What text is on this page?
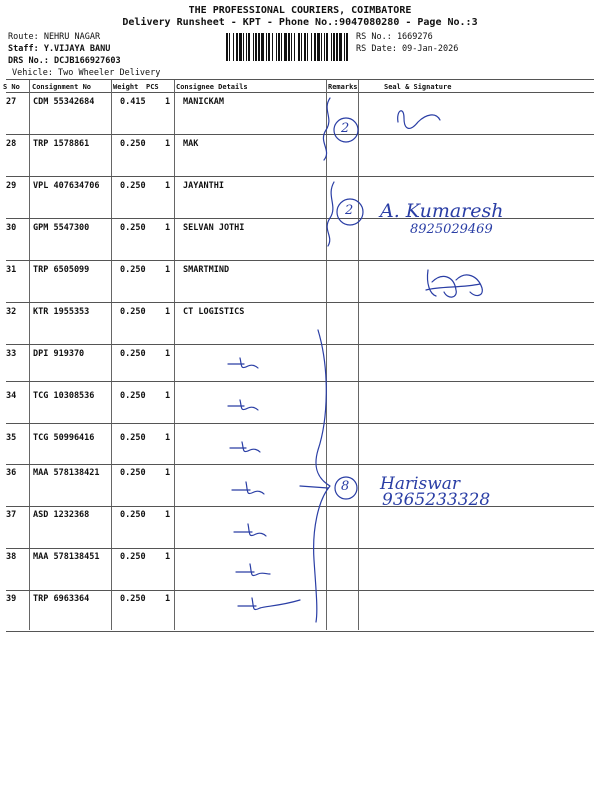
THE PROFESSIONAL COURIERS, COIMBATORE
Delivery Runsheet - KPT - Phone No.:9047080280 - Page No.:3
Route: NEHRU NAGAR
Staff: Y.VIJAYA BANU
DRS No.: DCJB166927603
Vehicle: Two Wheeler Delivery
RS No.: 1669276
RS Date: 09-Jan-2026
S No Consignment No	Weight PCS Consignee Details	Remarks	Seal & Signature
27 CDM 55342684	0.415 1 MANICKAM
28 TRP 1578861	0.250 1 MAK
29 VPL 407634706 0.250 1 JAYANTHI
30 GPM 5547300	0.250 1 SELVAN JOTHI
31 TRP 6505099	0.250 1 SMARTMIND
32 KTR 1955353	0.250 1 CT LOGISTICS
33 DPI 919370	0.250 1
34 TCG 10308536	0.250 1
35 TCG 50996416	0.250 1
36 MAA 578138421 0.250 1
37 ASD 1232368	0.250 1
38 MAA 578138451 0.250 1
39 TRP 6963364	0.250 1
2
2
8
A. Kumaresh
8925029469
Hariswar
9365233328
